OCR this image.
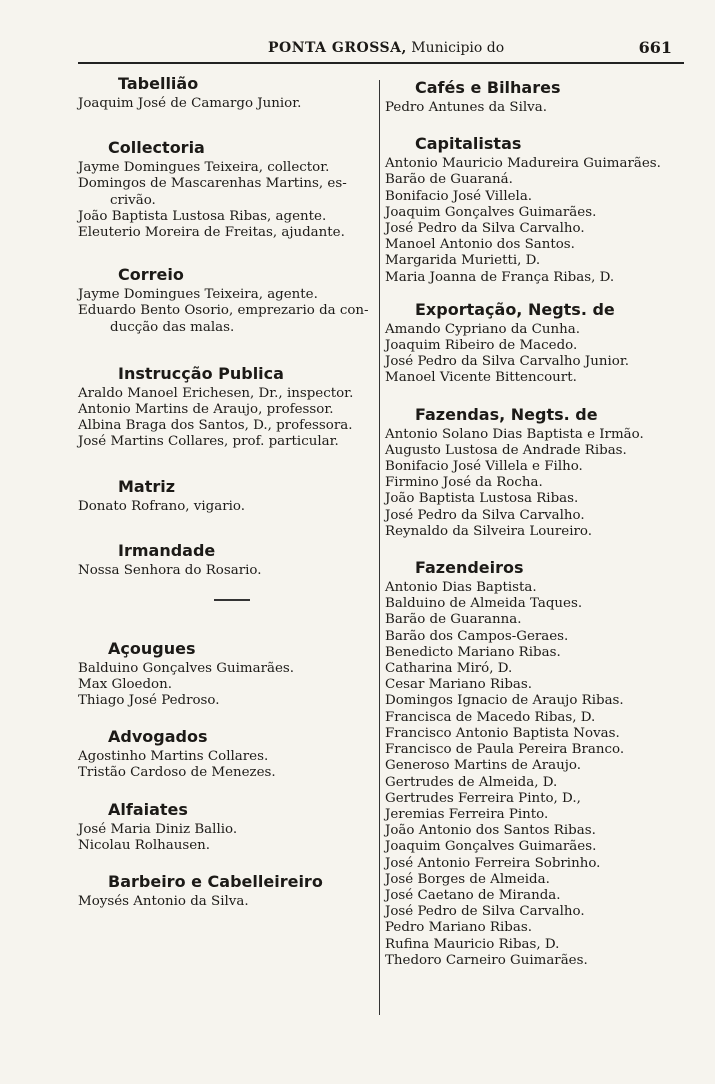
PONTA GROSSA, Municipio do	661
Tabellião
Joaquim José de Camargo Junior.
Collectoria
Jayme Domingues Teixeira, collector.
Domingos de Mascarenhas Martins, es-
crivão.
João Baptista Lustosa Ribas, agente.
Eleuterio Moreira de Freitas, ajudante.
Correio
Jayme Domingues Teixeira, agente.
Eduardo Bento Osorio, emprezario da con-
ducção das malas.
Instrucção Publica
Araldo Manoel Erichesen, Dr., inspector.
Antonio Martins de Araujo, professor.
Albina Braga dos Santos, D., professora.
José Martins Collares, prof. particular.
Matriz
Donato Rofrano, vigario.
Irmandade
Nossa Senhora do Rosario.
Açougues
Balduino Gonçalves Guimarães.
Max Gloedon.
Thiago José Pedroso.
Advogados
Agostinho Martins Collares.
Tristão Cardoso de Menezes.
Alfaiates
José Maria Diniz Ballio.
Nicolau Rolhausen.
Barbeiro e Cabelleireiro
Moysés Antonio da Silva.
Cafés e Bilhares
Pedro Antunes da Silva.
Capitalistas
Antonio Mauricio Madureira Guimarães.
Barão de Guaraná.
Bonifacio José Villela.
Joaquim Gonçalves Guimarães.
José Pedro da Silva Carvalho.
Manoel Antonio dos Santos.
Margarida Murietti, D.
Maria Joanna de França Ribas, D.
Exportação, Negts. de
Amando Cypriano da Cunha.
Joaquim Ribeiro de Macedo.
José Pedro da Silva Carvalho Junior.
Manoel Vicente Bittencourt.
Fazendas, Negts. de
Antonio Solano Dias Baptista e Irmão.
Augusto Lustosa de Andrade Ribas.
Bonifacio José Villela e Filho.
Firmino José da Rocha.
João Baptista Lustosa Ribas.
José Pedro da Silva Carvalho.
Reynaldo da Silveira Loureiro.
Fazendeiros
Antonio Dias Baptista.
Balduino de Almeida Taques.
Barão de Guaranna.
Barão dos Campos-Geraes.
Benedicto Mariano Ribas.
Catharina Miró, D.
Cesar Mariano Ribas.
Domingos Ignacio de Araujo Ribas.
Francisca de Macedo Ribas, D.
Francisco Antonio Baptista Novas.
Francisco de Paula Pereira Branco.
Generoso Martins de Araujo.
Gertrudes de Almeida, D.
Gertrudes Ferreira Pinto, D.,
Jeremias Ferreira Pinto.
João Antonio dos Santos Ribas.
Joaquim Gonçalves Guimarães.
José Antonio Ferreira Sobrinho.
José Borges de Almeida.
José Caetano de Miranda.
José Pedro de Silva Carvalho.
Pedro Mariano Ribas.
Rufina Mauricio Ribas, D.
Thedoro Carneiro Guimarães.
